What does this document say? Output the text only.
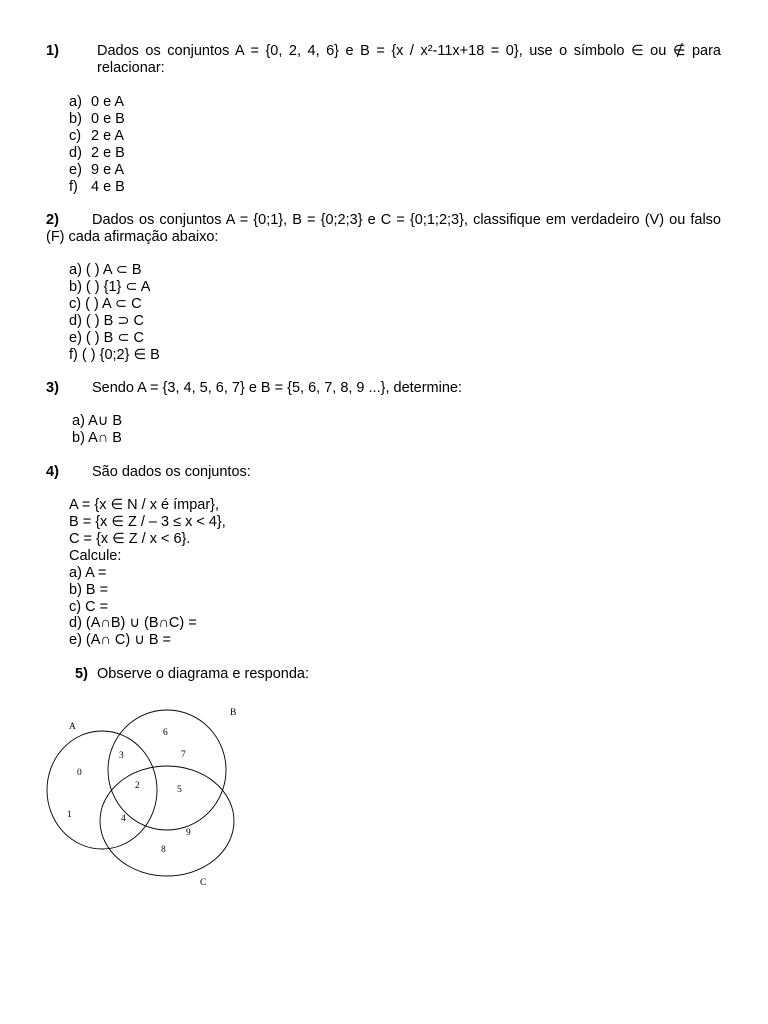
1)	Dados os conjuntos A = {0, 2, 4, 6} e B = {x / x²-11x+18 = 0}, use o símbolo ∈ ou ∉ para relacionar:
a) 0 e A
b) 0 e B
c) 2 e A
d) 2 e B
e) 9 e A
f) 4 e B
2)	Dados os conjuntos A = {0;1}, B = {0;2;3} e C = {0;1;2;3}, classifique em verdadeiro (V) ou falso (F) cada afirmação abaixo:
a) ( ) A ⊂ B
b) ( ) {1} ⊂ A
c) ( ) A ⊂ C
d) ( ) B ⊃ C
e) ( ) B ⊂ C
f) ( ) {0;2} ∈ B
3) Sendo A = {3, 4, 5, 6, 7} e B = {5, 6, 7, 8, 9 ...}, determine:
a) A∪ B
b) A∩ B
4) São dados os conjuntos:
A = {x ∈ N / x é ímpar},
B = {x ∈ Z / – 3 ≤ x < 4},
C = {x ∈ Z / x < 6}.
Calcule:
a) A =
b) B =
c) C =
d) (A∩B) ∪ (B∩C) =
e) (A∩ C) ∪ B =
5) Observe o diagrama e responda:
A
B
C
0
1
2
3
4
5
6
7
8
9
